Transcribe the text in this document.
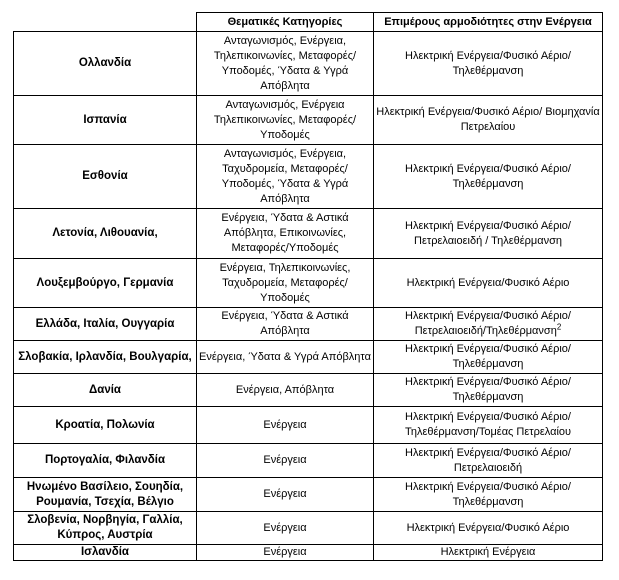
	Θεματικές Κατηγορίες	Επιμέρους αρμοδιότητες στην Ενέργεια
Ολλανδία	Ανταγωνισμός, Ενέργεια, Τηλεπικοινωνίες, Μεταφορές/Υποδομές, Ύδατα & Υγρά Απόβλητα	Ηλεκτρική Ενέργεια/Φυσικό Αέριο/ Τηλεθέρμανση
Ισπανία	Ανταγωνισμός, Ενέργεια Τηλεπικοινωνίες, Μεταφορές/Υποδομές	Ηλεκτρική Ενέργεια/Φυσικό Αέριο/ Βιομηχανία Πετρελαίου
Εσθονία	Ανταγωνισμός, Ενέργεια, Ταχυδρομεία, Μεταφορές/Υποδομές, Ύδατα & Υγρά Απόβλητα	Ηλεκτρική Ενέργεια/Φυσικό Αέριο/ Τηλεθέρμανση
Λετονία, Λιθουανία,	Ενέργεια, Ύδατα & Αστικά Απόβλητα, Επικοινωνίες, Μεταφορές/Υποδομές	Ηλεκτρική Ενέργεια/Φυσικό Αέριο/ Πετρελαιοειδή / Τηλεθέρμανση
Λουξεμβούργο, Γερμανία	Ενέργεια, Τηλεπικοινωνίες, Ταχυδρομεία, Μεταφορές/Υποδομές	Ηλεκτρική Ενέργεια/Φυσικό Αέριο
Ελλάδα, Ιταλία, Ουγγαρία	Ενέργεια, Ύδατα & Αστικά Απόβλητα	Ηλεκτρική Ενέργεια/Φυσικό Αέριο/ Πετρελαιοειδή/Τηλεθέρμανση$^2$
Σλοβακία, Ιρλανδία, Βουλγαρία,	Ενέργεια, Ύδατα & Υγρά Απόβλητα	Ηλεκτρική Ενέργεια/Φυσικό Αέριο/ Τηλεθέρμανση
Δανία	Ενέργεια, Απόβλητα	Ηλεκτρική Ενέργεια/Φυσικό Αέριο/ Τηλεθέρμανση
Κροατία, Πολωνία	Ενέργεια	Ηλεκτρική Ενέργεια/Φυσικό Αέριο/ Τηλεθέρμανση/Τομέας Πετρελαίου
Πορτογαλία, Φιλανδία	Ενέργεια	Ηλεκτρική Ενέργεια/Φυσικό Αέριο/Πετρελαιοειδή
Ηνωμένο Βασίλειο, Σουηδία, Ρουμανία, Τσεχία, Βέλγιο	Ενέργεια	Ηλεκτρική Ενέργεια/Φυσικό Αέριο/Τηλεθέρμανση
Σλοβενία, Νορβηγία, Γαλλία, Κύπρος, Αυστρία	Ενέργεια	Ηλεκτρική Ενέργεια/Φυσικό Αέριο
Ισλανδία	Ενέργεια	Ηλεκτρική Ενέργεια
